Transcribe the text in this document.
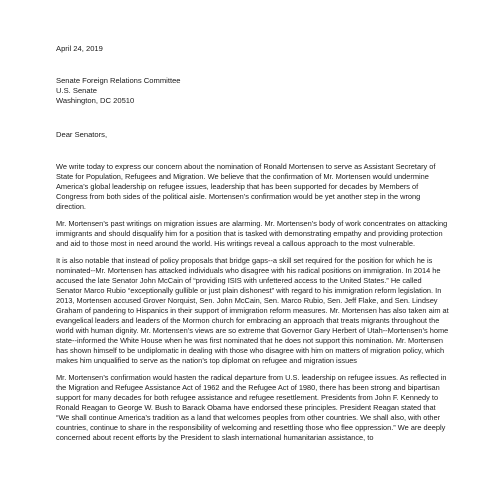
April 24, 2019
Senate Foreign Relations Committee
U.S. Senate
Washington, DC 20510
Dear Senators,

We write today to express our concern about the nomination of Ronald Mortensen to serve as Assistant Secretary of State for Population, Refugees and Migration. We believe that the confirmation of Mr. Mortensen would undermine America’s global leadership on refugee issues, leadership that has been supported for decades by Members of Congress from both sides of the political aisle. Mortensen’s confirmation would be yet another step in the wrong direction.

Mr. Mortensen’s past writings on migration issues are alarming. Mr. Mortensen’s body of work concentrates on attacking immigrants and should disqualify him for a position that is tasked with demonstrating empathy and providing protection and aid to those most in need around the world. His writings reveal a callous approach to the most vulnerable.

It is also notable that instead of policy proposals that bridge gaps--a skill set required for the position for which he is nominated--Mr. Mortensen has attacked individuals who disagree with his radical positions on immigration. In 2014 he accused the late Senator John McCain of “providing ISIS with unfettered access to the United States.” He called Senator Marco Rubio “exceptionally gullible or just plain dishonest” with regard to his immigration reform legislation. In 2013, Mortensen accused Grover Norquist, Sen. John McCain, Sen. Marco Rubio, Sen. Jeff Flake, and Sen. Lindsey Graham of pandering to Hispanics in their support of immigration reform measures. Mr. Mortensen has also taken aim at evangelical leaders and leaders of the Mormon church for embracing an approach that treats migrants throughout the world with human dignity. Mr. Mortensen’s views are so extreme that Governor Gary Herbert of Utah--Mortensen’s home state--informed the White House when he was first nominated that he does not support this nomination. Mr. Mortensen has shown himself to be undiplomatic in dealing with those who disagree with him on matters of migration policy, which makes him unqualified to serve as the nation’s top diplomat on refugee and migration issues

Mr. Mortensen’s confirmation would hasten the radical departure from U.S. leadership on refugee issues. As reflected in the Migration and Refugee Assistance Act of 1962 and the Refugee Act of 1980, there has been strong and bipartisan support for many decades for both refugee assistance and refugee resettlement. Presidents from John F. Kennedy to Ronald Reagan to George W. Bush to Barack Obama have endorsed these principles. President Reagan stated that “We shall continue America’s tradition as a land that welcomes peoples from other countries. We shall also, with other countries, continue to share in the responsibility of welcoming and resettling those who flee oppression.” We are deeply concerned about recent efforts by the President to slash international humanitarian assistance, to
